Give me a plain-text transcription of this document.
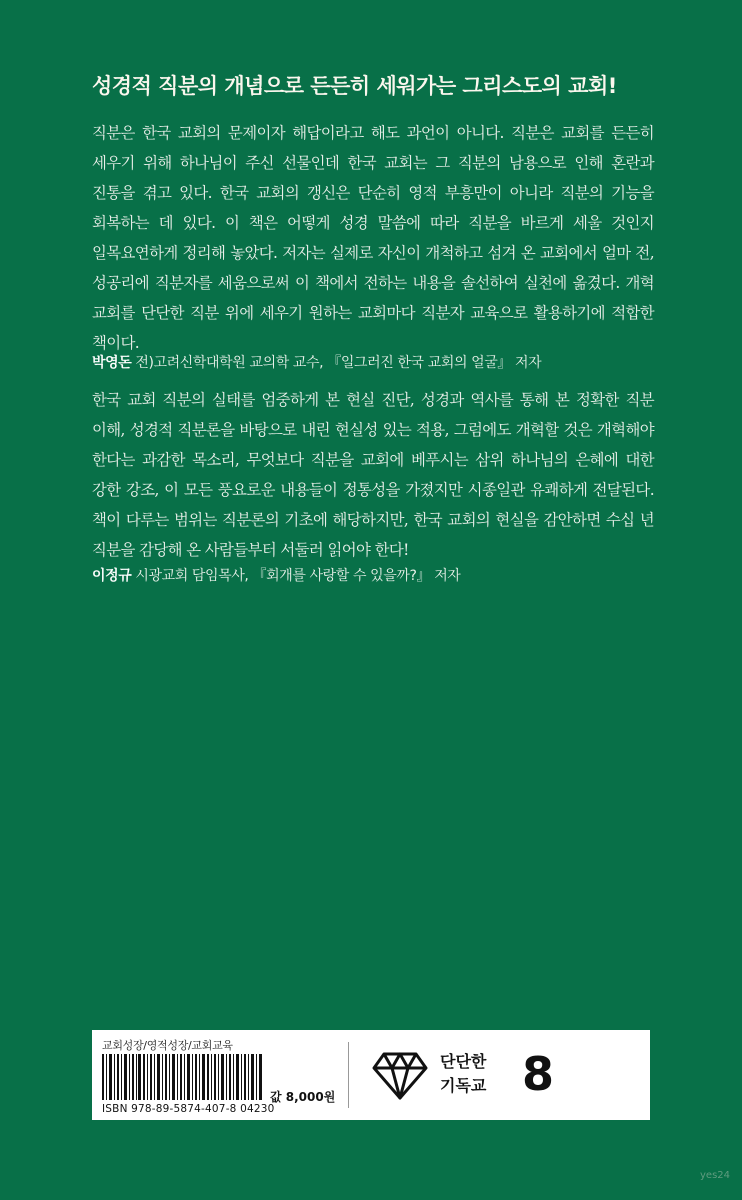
성경적 직분의 개념으로 든든히 세워가는 그리스도의 교회!
직분은 한국 교회의 문제이자 해답이라고 해도 과언이 아니다. 직분은 교회를 든든히 세우기 위해 하나님이 주신 선물인데 한국 교회는 그 직분의 남용으로 인해 혼란과 진통을 겪고 있다. 한국 교회의 갱신은 단순히 영적 부흥만이 아니라 직분의 기능을 회복하는 데 있다. 이 책은 어떻게 성경 말씀에 따라 직분을 바르게 세울 것인지 일목요연하게 정리해 놓았다. 저자는 실제로 자신이 개척하고 섬겨 온 교회에서 얼마 전, 성공리에 직분자를 세움으로써 이 책에서 전하는 내용을 솔선하여 실천에 옮겼다. 개혁 교회를 단단한 직분 위에 세우기 원하는 교회마다 직분자 교육으로 활용하기에 적합한 책이다.
박영돈 전)고려신학대학원 교의학 교수, 『일그러진 한국 교회의 얼굴』 저자
한국 교회 직분의 실태를 엄중하게 본 현실 진단, 성경과 역사를 통해 본 정확한 직분 이해, 성경적 직분론을 바탕으로 내린 현실성 있는 적용, 그럼에도 개혁할 것은 개혁해야 한다는 과감한 목소리, 무엇보다 직분을 교회에 베푸시는 삼위 하나님의 은혜에 대한 강한 강조, 이 모든 풍요로운 내용들이 정통성을 가졌지만 시종일관 유쾌하게 전달된다. 책이 다루는 범위는 직분론의 기초에 해당하지만, 한국 교회의 현실을 감안하면 수십 년 직분을 감당해 온 사람들부터 서둘러 읽어야 한다!
이정규 시광교회 담임목사, 『회개를 사랑할 수 있을까?』 저자
교회성장/영적성장/교회교육
ISBN 978-89-5874-407-8 04230
값 8,000원
단단한
기독교 8
yes24
